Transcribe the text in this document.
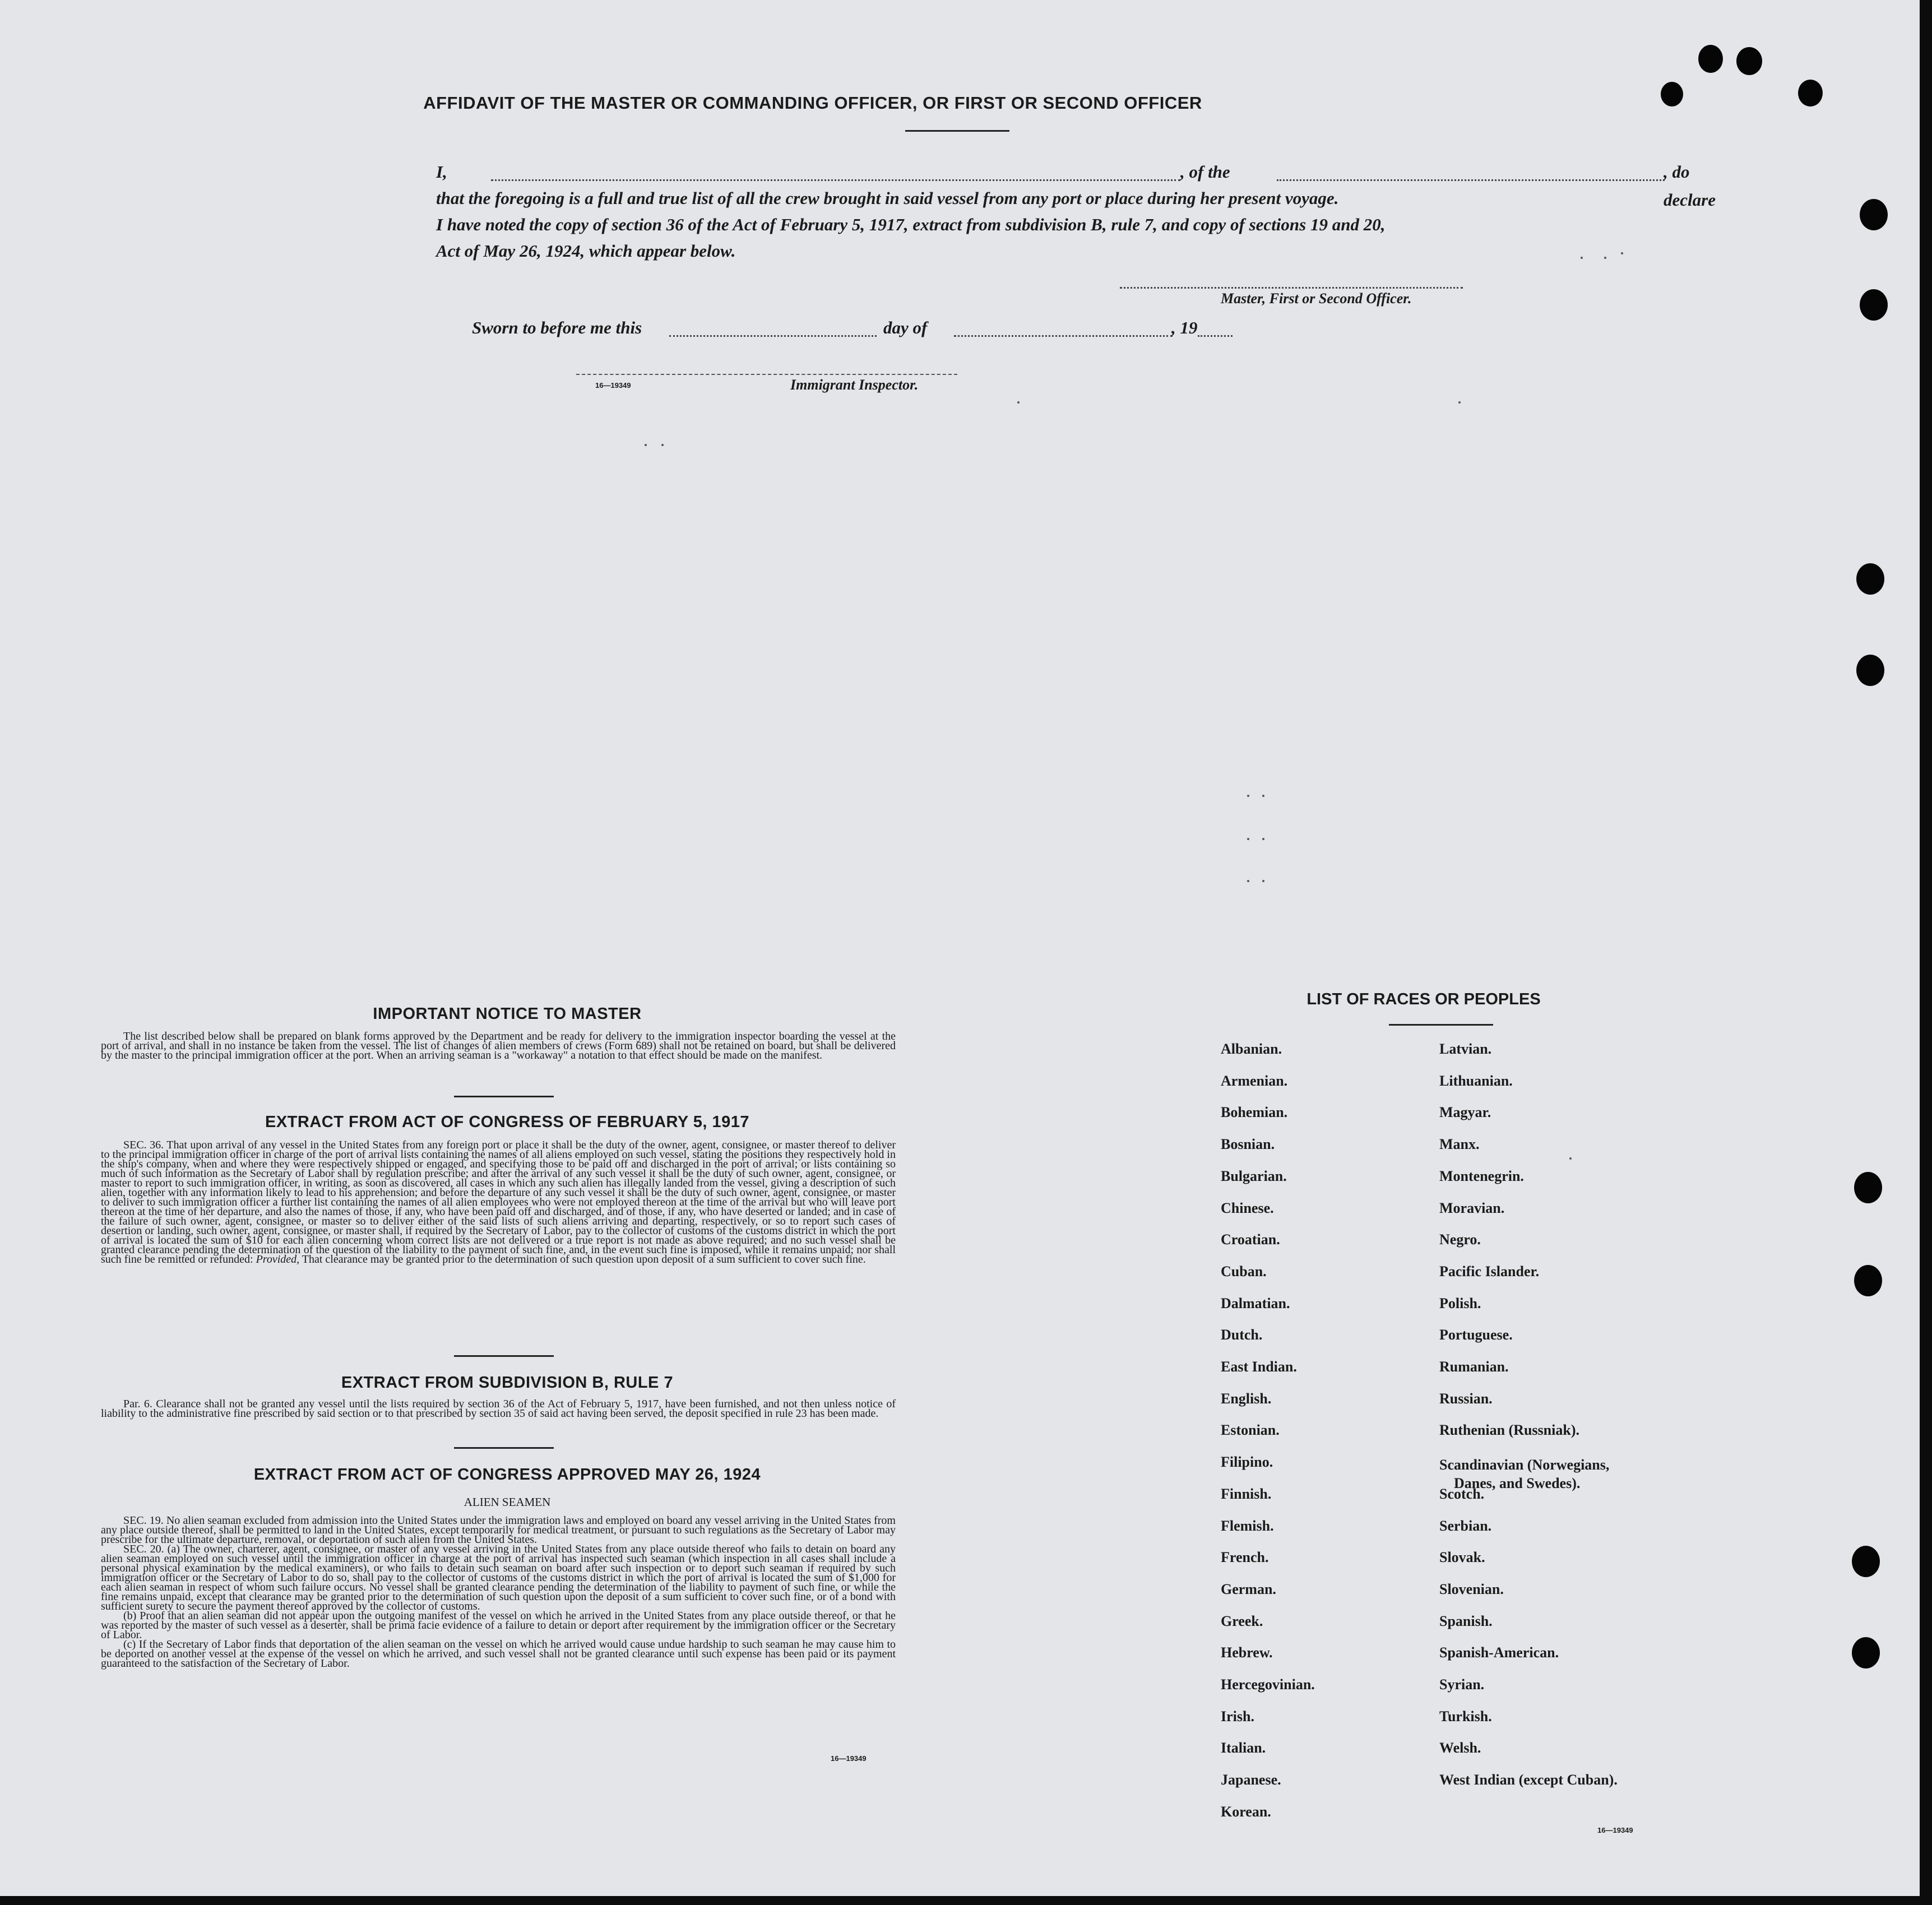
AFFIDAVIT OF THE MASTER OR COMMANDING OFFICER, OR FIRST OR SECOND OFFICER
I,	, of the	, do declare
that the foregoing is a full and true list of all the crew brought in said vessel from any port or place during her present voyage.
I have noted the copy of section 36 of the Act of February 5, 1917, extract from subdivision B, rule 7, and copy of sections 19 and 20,
Act of May 26, 1924, which appear below.
Master, First or Second Officer.
Sworn to before me this	day of	, 19
16—19349	Immigrant Inspector.
IMPORTANT NOTICE TO MASTER

The list described below shall be prepared on blank forms approved by the Department and be ready for delivery to the immigration inspector boarding the vessel at the port of arrival, and shall in no instance be taken from the vessel. The list of changes of alien members of crews (Form 689) shall not be retained on board, but shall be delivered by the master to the principal immigration officer at the port. When an arriving seaman is a "workaway" a notation to that effect should be made on the manifest.

EXTRACT FROM ACT OF CONGRESS OF FEBRUARY 5, 1917

SEC. 36. That upon arrival of any vessel in the United States from any foreign port or place it shall be the duty of the owner, agent, consignee, or master thereof to deliver to the principal immigration officer in charge of the port of arrival lists containing the names of all aliens employed on such vessel, stating the positions they respectively hold in the ship's company, when and where they were respectively shipped or engaged, and specifying those to be paid off and discharged in the port of arrival; or lists containing so much of such information as the Secretary of Labor shall by regulation prescribe; and after the arrival of any such vessel it shall be the duty of such owner, agent, consignee, or master to report to such immigration officer, in writing, as soon as discovered, all cases in which any such alien has illegally landed from the vessel, giving a description of such alien, together with any information likely to lead to his apprehension; and before the departure of any such vessel it shall be the duty of such owner, agent, consignee, or master to deliver to such immigration officer a further list containing the names of all alien employees who were not employed thereon at the time of the arrival but who will leave port thereon at the time of her departure, and also the names of those, if any, who have been paid off and discharged, and of those, if any, who have deserted or landed; and in case of the failure of such owner, agent, consignee, or master so to deliver either of the said lists of such aliens arriving and departing, respectively, or so to report such cases of desertion or landing, such owner, agent, consignee, or master shall, if required by the Secretary of Labor, pay to the collector of customs of the customs district in which the port of arrival is located the sum of $10 for each alien concerning whom correct lists are not delivered or a true report is not made as above required; and no such vessel shall be granted clearance pending the determination of the question of the liability to the payment of such fine, and, in the event such fine is imposed, while it remains unpaid; nor shall such fine be remitted or refunded: Provided, That clearance may be granted prior to the determination of such question upon deposit of a sum sufficient to cover such fine.

EXTRACT FROM SUBDIVISION B, RULE 7

Par. 6. Clearance shall not be granted any vessel until the lists required by section 36 of the Act of February 5, 1917, have been furnished, and not then unless notice of liability to the administrative fine prescribed by said section or to that prescribed by section 35 of said act having been served, the deposit specified in rule 23 has been made.

EXTRACT FROM ACT OF CONGRESS APPROVED MAY 26, 1924
ALIEN SEAMEN

SEC. 19. No alien seaman excluded from admission into the United States under the immigration laws and employed on board any vessel arriving in the United States from any place outside thereof, shall be permitted to land in the United States, except temporarily for medical treatment, or pursuant to such regulations as the Secretary of Labor may prescribe for the ultimate departure, removal, or deportation of such alien from the United States.

SEC. 20. (a) The owner, charterer, agent, consignee, or master of any vessel arriving in the United States from any place outside thereof who fails to detain on board any alien seaman employed on such vessel until the immigration officer in charge at the port of arrival has inspected such seaman (which inspection in all cases shall include a personal physical examination by the medical examiners), or who fails to detain such seaman on board after such inspection or to deport such seaman if required by such immigration officer or the Secretary of Labor to do so, shall pay to the collector of customs of the customs district in which the port of arrival is located the sum of $1,000 for each alien seaman in respect of whom such failure occurs. No vessel shall be granted clearance pending the determination of the liability to payment of such fine, or while the fine remains unpaid, except that clearance may be granted prior to the determination of such question upon the deposit of a sum sufficient to cover such fine, or of a bond with sufficient surety to secure the payment thereof approved by the collector of customs.

(b) Proof that an alien seaman did not appear upon the outgoing manifest of the vessel on which he arrived in the United States from any place outside thereof, or that he was reported by the master of such vessel as a deserter, shall be prima facie evidence of a failure to detain or deport after requirement by the immigration officer or the Secretary of Labor.

(c) If the Secretary of Labor finds that deportation of the alien seaman on the vessel on which he arrived would cause undue hardship to such seaman he may cause him to be deported on another vessel at the expense of the vessel on which he arrived, and such vessel shall not be granted clearance until such expense has been paid or its payment guaranteed to the satisfaction of the Secretary of Labor.

16—19349
LIST OF RACES OR PEOPLES
16—19349
Albanian.
Armenian.
Bohemian.
Bosnian.
Bulgarian.
Chinese.
Croatian.
Cuban.
Dalmatian.
Dutch.
East Indian.
English.
Estonian.
Filipino.
Finnish.
Flemish.
French.
German.
Greek.
Hebrew.
Hercegovinian.
Irish.
Italian.
Japanese.
Korean.
Latvian.
Lithuanian.
Magyar.
Manx.
Montenegrin.
Moravian.
Negro.
Pacific Islander.
Polish.
Portuguese.
Rumanian.
Russian.
Ruthenian (Russniak).
Scandinavian (Norwegians,
Danes, and Swedes).
Scotch.
Serbian.
Slovak.
Slovenian.
Spanish.
Spanish-American.
Syrian.
Turkish.
Welsh.
West Indian (except Cuban).
